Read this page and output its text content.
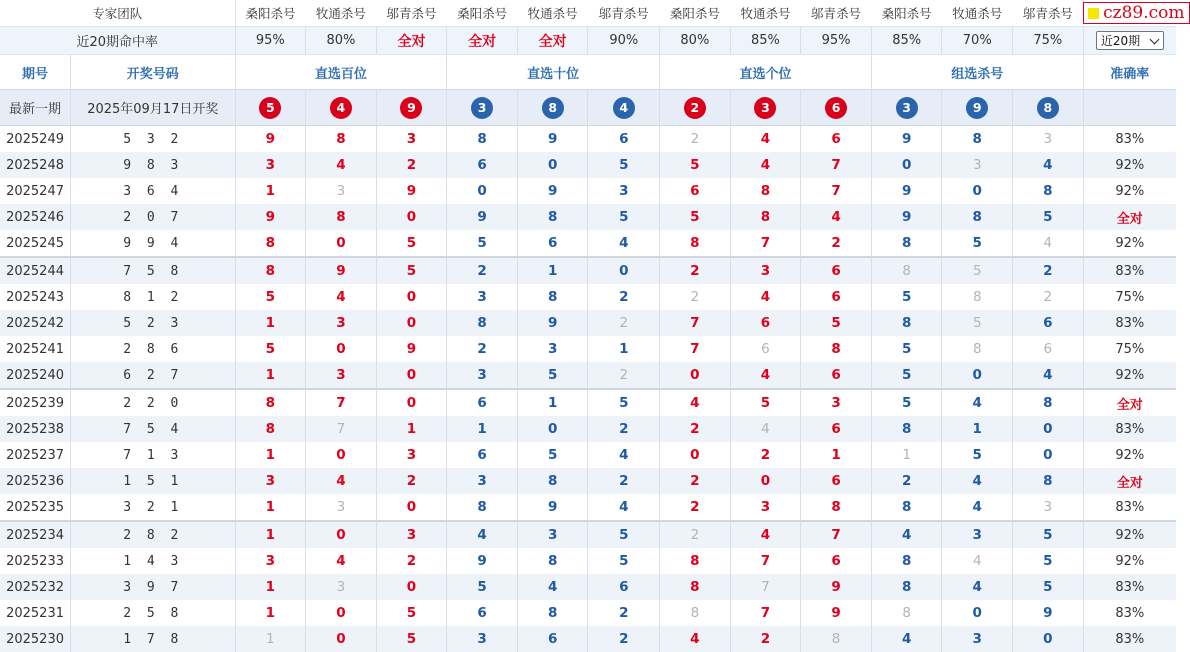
专家团队		桑阳杀号	牧通杀号	邬青杀号	桑阳杀号	牧通杀号	邬青杀号	桑阳杀号	牧通杀号	邬青杀号	桑阳杀号	牧通杀号	邬青杀号	cz89.com

近20期命中率		95%	80%	全对	全对	全对	90%	80%	85%	95%	85%	70%	75%	近20期

期号	开奖号码	直选百位			直选十位			直选个位			组选杀号			准确率
最新一期	2025年09月17日开奖	5	4	9	3	8	4	2	3	6	3	9	8	
2025249	5 3 2	9	8	3	8	9	6	2	4	6	9	8	3	83%
2025248	9 8 3	3	4	2	6	0	5	5	4	7	0	3	4	92%
2025247	3 6 4	1	3	9	0	9	3	6	8	7	9	0	8	92%
2025246	2 0 7	9	8	0	9	8	5	5	8	4	9	8	5	全对
2025245	9 9 4	8	0	5	5	6	4	8	7	2	8	5	4	92%
2025244	7 5 8	8	9	5	2	1	0	2	3	6	8	5	2	83%
2025243	8 1 2	5	4	0	3	8	2	2	4	6	5	8	2	75%
2025242	5 2 3	1	3	0	8	9	2	7	6	5	8	5	6	83%
2025241	2 8 6	5	0	9	2	3	1	7	6	8	5	8	6	75%
2025240	6 2 7	1	3	0	3	5	2	0	4	6	5	0	4	92%
2025239	2 2 0	8	7	0	6	1	5	4	5	3	5	4	8	全对
2025238	7 5 4	8	7	1	1	0	2	2	4	6	8	1	0	83%
2025237	7 1 3	1	0	3	6	5	4	0	2	1	1	5	0	92%
2025236	1 5 1	3	4	2	3	8	2	2	0	6	2	4	8	全对
2025235	3 2 1	1	3	0	8	9	4	2	3	8	8	4	3	83%
2025234	2 8 2	1	0	3	4	3	5	2	4	7	4	3	5	92%
2025233	1 4 3	3	4	2	9	8	5	8	7	6	8	4	5	92%
2025232	3 9 7	1	3	0	5	4	6	8	7	9	8	4	5	83%
2025231	2 5 8	1	0	5	6	8	2	8	7	9	8	0	9	83%
2025230	1 7 8	1	0	5	3	6	2	4	2	8	4	3	0	83%
